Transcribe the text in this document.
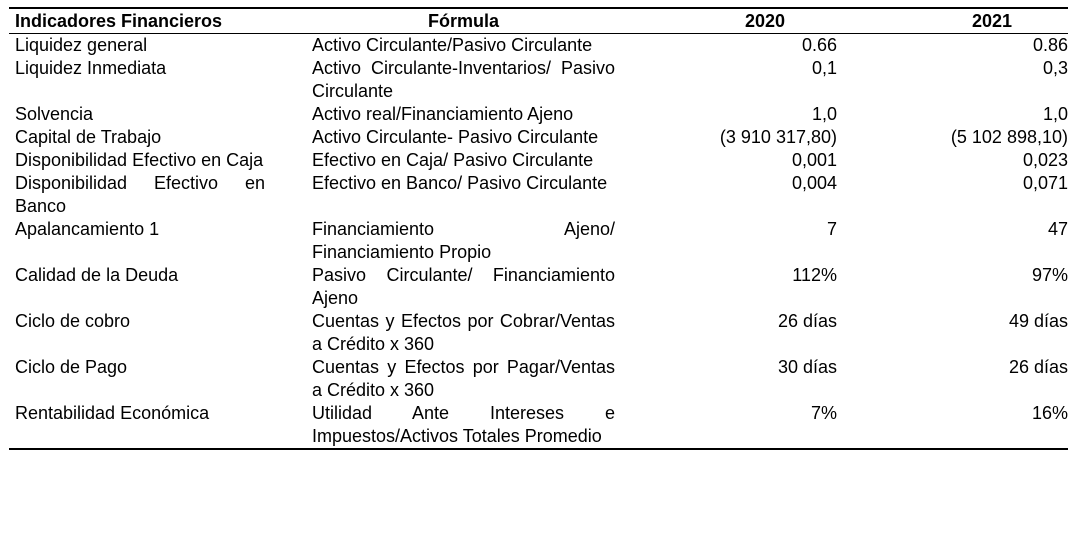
Indicadores Financieros	Fórmula	2020	2021

Liquidez general	Activo Circulante/Pasivo Circulante	0.66	0.86

Liquidez Inmediata	Activo Circulante-Inventarios/ Pasivo Circulante	0,1	0,3

Solvencia	Activo real/Financiamiento Ajeno	1,0	1,0

Capital de Trabajo	Activo Circulante- Pasivo Circulante	(3 910 317,80)	(5 102 898,10)

Disponibilidad Efectivo en Caja	Efectivo en Caja/ Pasivo Circulante	0,001	0,023

Disponibilidad Efectivo en Banco	Efectivo en Banco/ Pasivo Circulante	0,004	0,071

Apalancamiento 1	Financiamiento Ajeno/ Financiamiento Propio	7	47

Calidad de la Deuda	Pasivo Circulante/ Financiamiento Ajeno	112%	97%

Ciclo de cobro	Cuentas y Efectos por Cobrar/Ventas a Crédito x 360	26 días	49 días

Ciclo de Pago	Cuentas y Efectos por Pagar/Ventas a Crédito x 360	30 días	26 días

Rentabilidad Económica	Utilidad Ante Intereses e Impuestos/Activos Totales Promedio	7%	16%
